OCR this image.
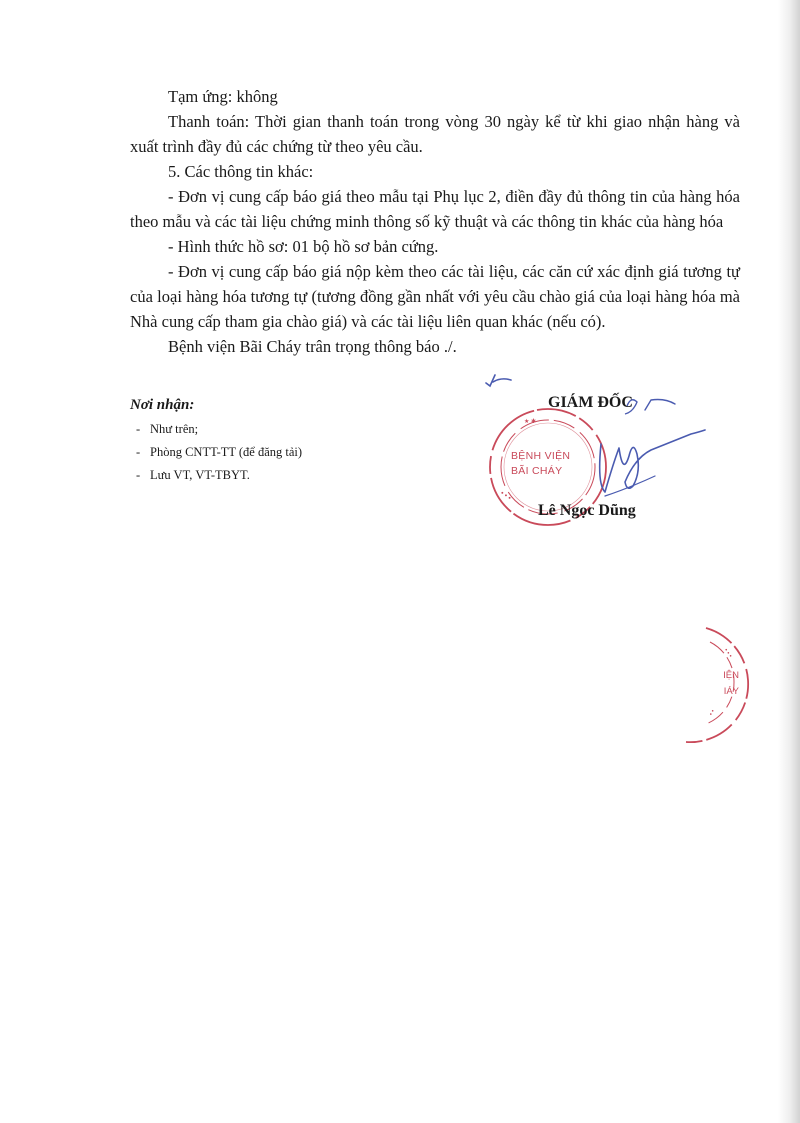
Tạm ứng: không

Thanh toán: Thời gian thanh toán trong vòng 30 ngày kể từ khi giao nhận hàng và xuất trình đầy đủ các chứng từ theo yêu cầu.

5. Các thông tin khác:

- Đơn vị cung cấp báo giá theo mẫu tại Phụ lục 2, điền đầy đủ thông tin của hàng hóa theo mẫu và các tài liệu chứng minh thông số kỹ thuật và các thông tin khác của hàng hóa

- Hình thức hồ sơ: 01 bộ hồ sơ bản cứng.

- Đơn vị cung cấp báo giá nộp kèm theo các tài liệu, các căn cứ xác định giá tương tự của loại hàng hóa tương tự (tương đồng gần nhất với yêu cầu chào giá của loại hàng hóa mà Nhà cung cấp tham gia chào giá) và các tài liệu liên quan khác (nếu có).

Bệnh viện Bãi Cháy trân trọng thông báo ./.

Nơi nhận:

- Như trên;
- Phòng CNTT-TT (để đăng tải)
- Lưu VT, VT-TBYT.
★ ✱
• • •
BỆNH VIỆN
BÃI CHÁY

GIÁM ĐỐC

Lê Ngọc Dũng

• • •
• •
IỆN
IÁY
